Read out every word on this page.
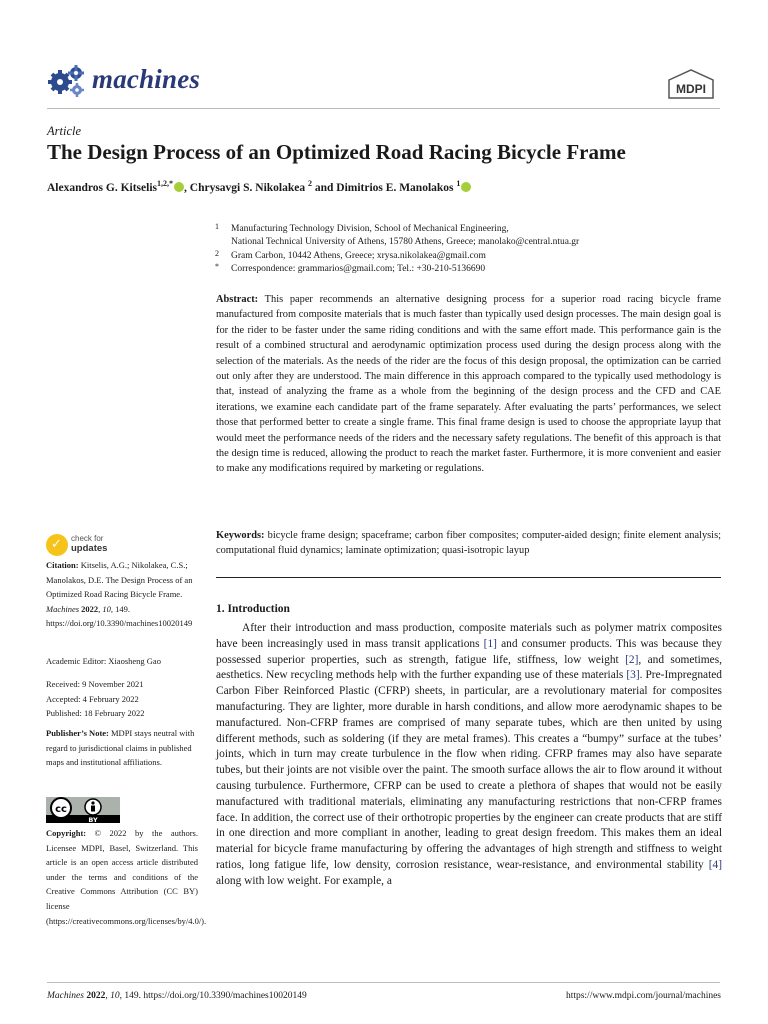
machines	MDPI
Article
The Design Process of an Optimized Road Racing Bicycle Frame
Alexandros G. Kitselis$^{1,2,*}$ , Chrysavgi S. Nikolakea $^2$ and Dimitrios E. Manolakos $^1$
1 Manufacturing Technology Division, School of Mechanical Engineering,
National Technical University of Athens, 15780 Athens, Greece; manolako@central.ntua.gr
2 Gram Carbon, 10442 Athens, Greece; xrysa.nikolakea@gmail.com
* Correspondence: grammarios@gmail.com; Tel.: +30-210-5136690
Abstract: This paper recommends an alternative designing process for a superior road racing bicycle frame manufactured from composite materials that is much faster than typically used design processes. The main design goal is for the rider to be faster under the same riding conditions and with the same effort made. This performance gain is the result of a combined structural and aerodynamic optimization process used during the design process along with the selection of the materials. As the needs of the rider are the focus of this design proposal, the optimization can be carried out only after they are understood. The main difference in this approach compared to the typically used methodology is that, instead of analyzing the frame as a whole from the beginning of the design process and the CFD and CAE iterations, we examine each candidate part of the frame separately. After evaluating the parts’ performances, we select those that performed better to create a single frame. This final frame design is used to choose the appropriate layup that would meet the performance needs of the riders and the necessary safety regulations. The benefit of this approach is that the design time is reduced, allowing the product to reach the market faster. Furthermore, it is more convenient and easier to make any modifications required by marketing or regulations.
Keywords: bicycle frame design; spaceframe; carbon fiber composites; computer-aided design; finite element analysis; computational fluid dynamics; laminate optimization; quasi-isotropic layup
1. Introduction
After their introduction and mass production, composite materials such as polymer matrix composites have been increasingly used in mass transit applications [1] and consumer products. This was because they possessed superior properties, such as strength, fatigue life, stiffness, low weight [2], and sometimes, aesthetics. New recycling methods help with the further expanding use of these materials [3]. Pre-Impregnated Carbon Fiber Reinforced Plastic (CFRP) sheets, in particular, are a revolutionary material for composites manufacturing. They are lighter, more durable in harsh conditions, and allow more aerodynamic shapes to be manufactured. Non-CFRP frames are comprised of many separate tubes, which are then united by using different methods, such as soldering (if they are metal frames). This creates a “bumpy” surface at the tubes’ joints, which in turn may create turbulence in the flow when riding. CFRP frames may also have separate tubes, but their joints are not visible over the paint. The smooth surface allows the air to flow around it without causing turbulence. Furthermore, CFRP can be used to create a plethora of shapes that would not be easily manufactured with traditional materials, eliminating any manufacturing restrictions that non-CFRP frames face. In addition, the correct use of their orthotropic properties by the engineer can create products that are stiff in one direction and more compliant in another, leading to great design freedom. This makes them an ideal material for bicycle frame manufacturing by offering the advantages of high strength and stiffness to weight ratios, long fatigue life, low density, corrosion resistance, wear-resistance, and environmental stability [4] along with low weight. For example, a
✓ check for
updates
Citation: Kitselis, A.G.; Nikolakea, C.S.; Manolakos, D.E. The Design Process of an Optimized Road Racing Bicycle Frame. Machines 2022, 10, 149. https://doi.org/10.3390/machines10020149
Academic Editor: Xiaosheng Gao
Received: 9 November 2021
Accepted: 4 February 2022
Published: 18 February 2022
Publisher’s Note: MDPI stays neutral with regard to jurisdictional claims in published maps and institutional affiliations.
cc
BY
Copyright: © 2022 by the authors. Licensee MDPI, Basel, Switzerland. This article is an open access article distributed under the terms and conditions of the Creative Commons Attribution (CC BY) license (https://creativecommons.org/licenses/by/4.0/).
Machines 2022, 10, 149. https://doi.org/10.3390/machines10020149	https://www.mdpi.com/journal/machines
